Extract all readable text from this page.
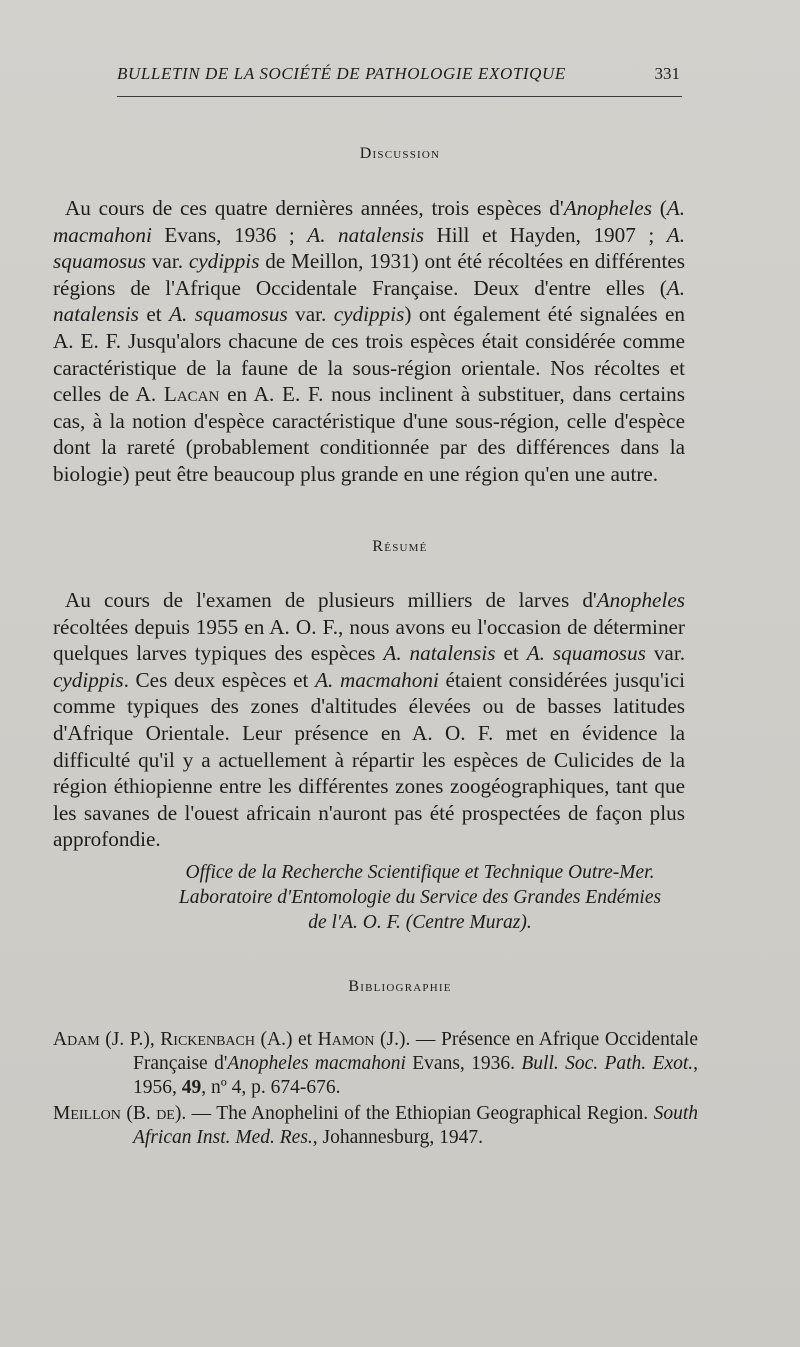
BULLETIN DE LA SOCIÉTÉ DE PATHOLOGIE EXOTIQUE	331
Discussion
Au cours de ces quatre dernières années, trois espèces d'Anopheles (A. macmahoni Evans, 1936 ; A. natalensis Hill et Hayden, 1907 ; A. squamosus var. cydippis de Meillon, 1931) ont été récoltées en différentes régions de l'Afrique Occidentale Française. Deux d'entre elles (A. natalensis et A. squamosus var. cydippis) ont également été signalées en A. E. F. Jusqu'alors chacune de ces trois espèces était considérée comme caractéristique de la faune de la sous-région orientale. Nos récoltes et celles de A. Lacan en A. E. F. nous inclinent à substituer, dans certains cas, à la notion d'espèce caractéristique d'une sous-région, celle d'espèce dont la rareté (probablement conditionnée par des différences dans la biologie) peut être beaucoup plus grande en une région qu'en une autre.
Résumé
Au cours de l'examen de plusieurs milliers de larves d'Anopheles récoltées depuis 1955 en A. O. F., nous avons eu l'occasion de déterminer quelques larves typiques des espèces A. natalensis et A. squamosus var. cydippis. Ces deux espèces et A. macmahoni étaient considérées jusqu'ici comme typiques des zones d'altitudes élevées ou de basses latitudes d'Afrique Orientale. Leur présence en A. O. F. met en évidence la difficulté qu'il y a actuellement à répartir les espèces de Culicides de la région éthiopienne entre les différentes zones zoogéographiques, tant que les savanes de l'ouest africain n'auront pas été prospectées de façon plus approfondie.
Office de la Recherche Scientifique et Technique Outre-Mer.
Laboratoire d'Entomologie du Service des Grandes Endémies
de l'A. O. F. (Centre Muraz).
Bibliographie
Adam (J. P.), Rickenbach (A.) et Hamon (J.). — Présence en Afrique Occidentale Française d'Anopheles macmahoni Evans, 1936. Bull. Soc. Path. Exot., 1956, 49, nº 4, p. 674-676.
Meillon (B. de). — The Anophelini of the Ethiopian Geographical Region. South African Inst. Med. Res., Johannesburg, 1947.
